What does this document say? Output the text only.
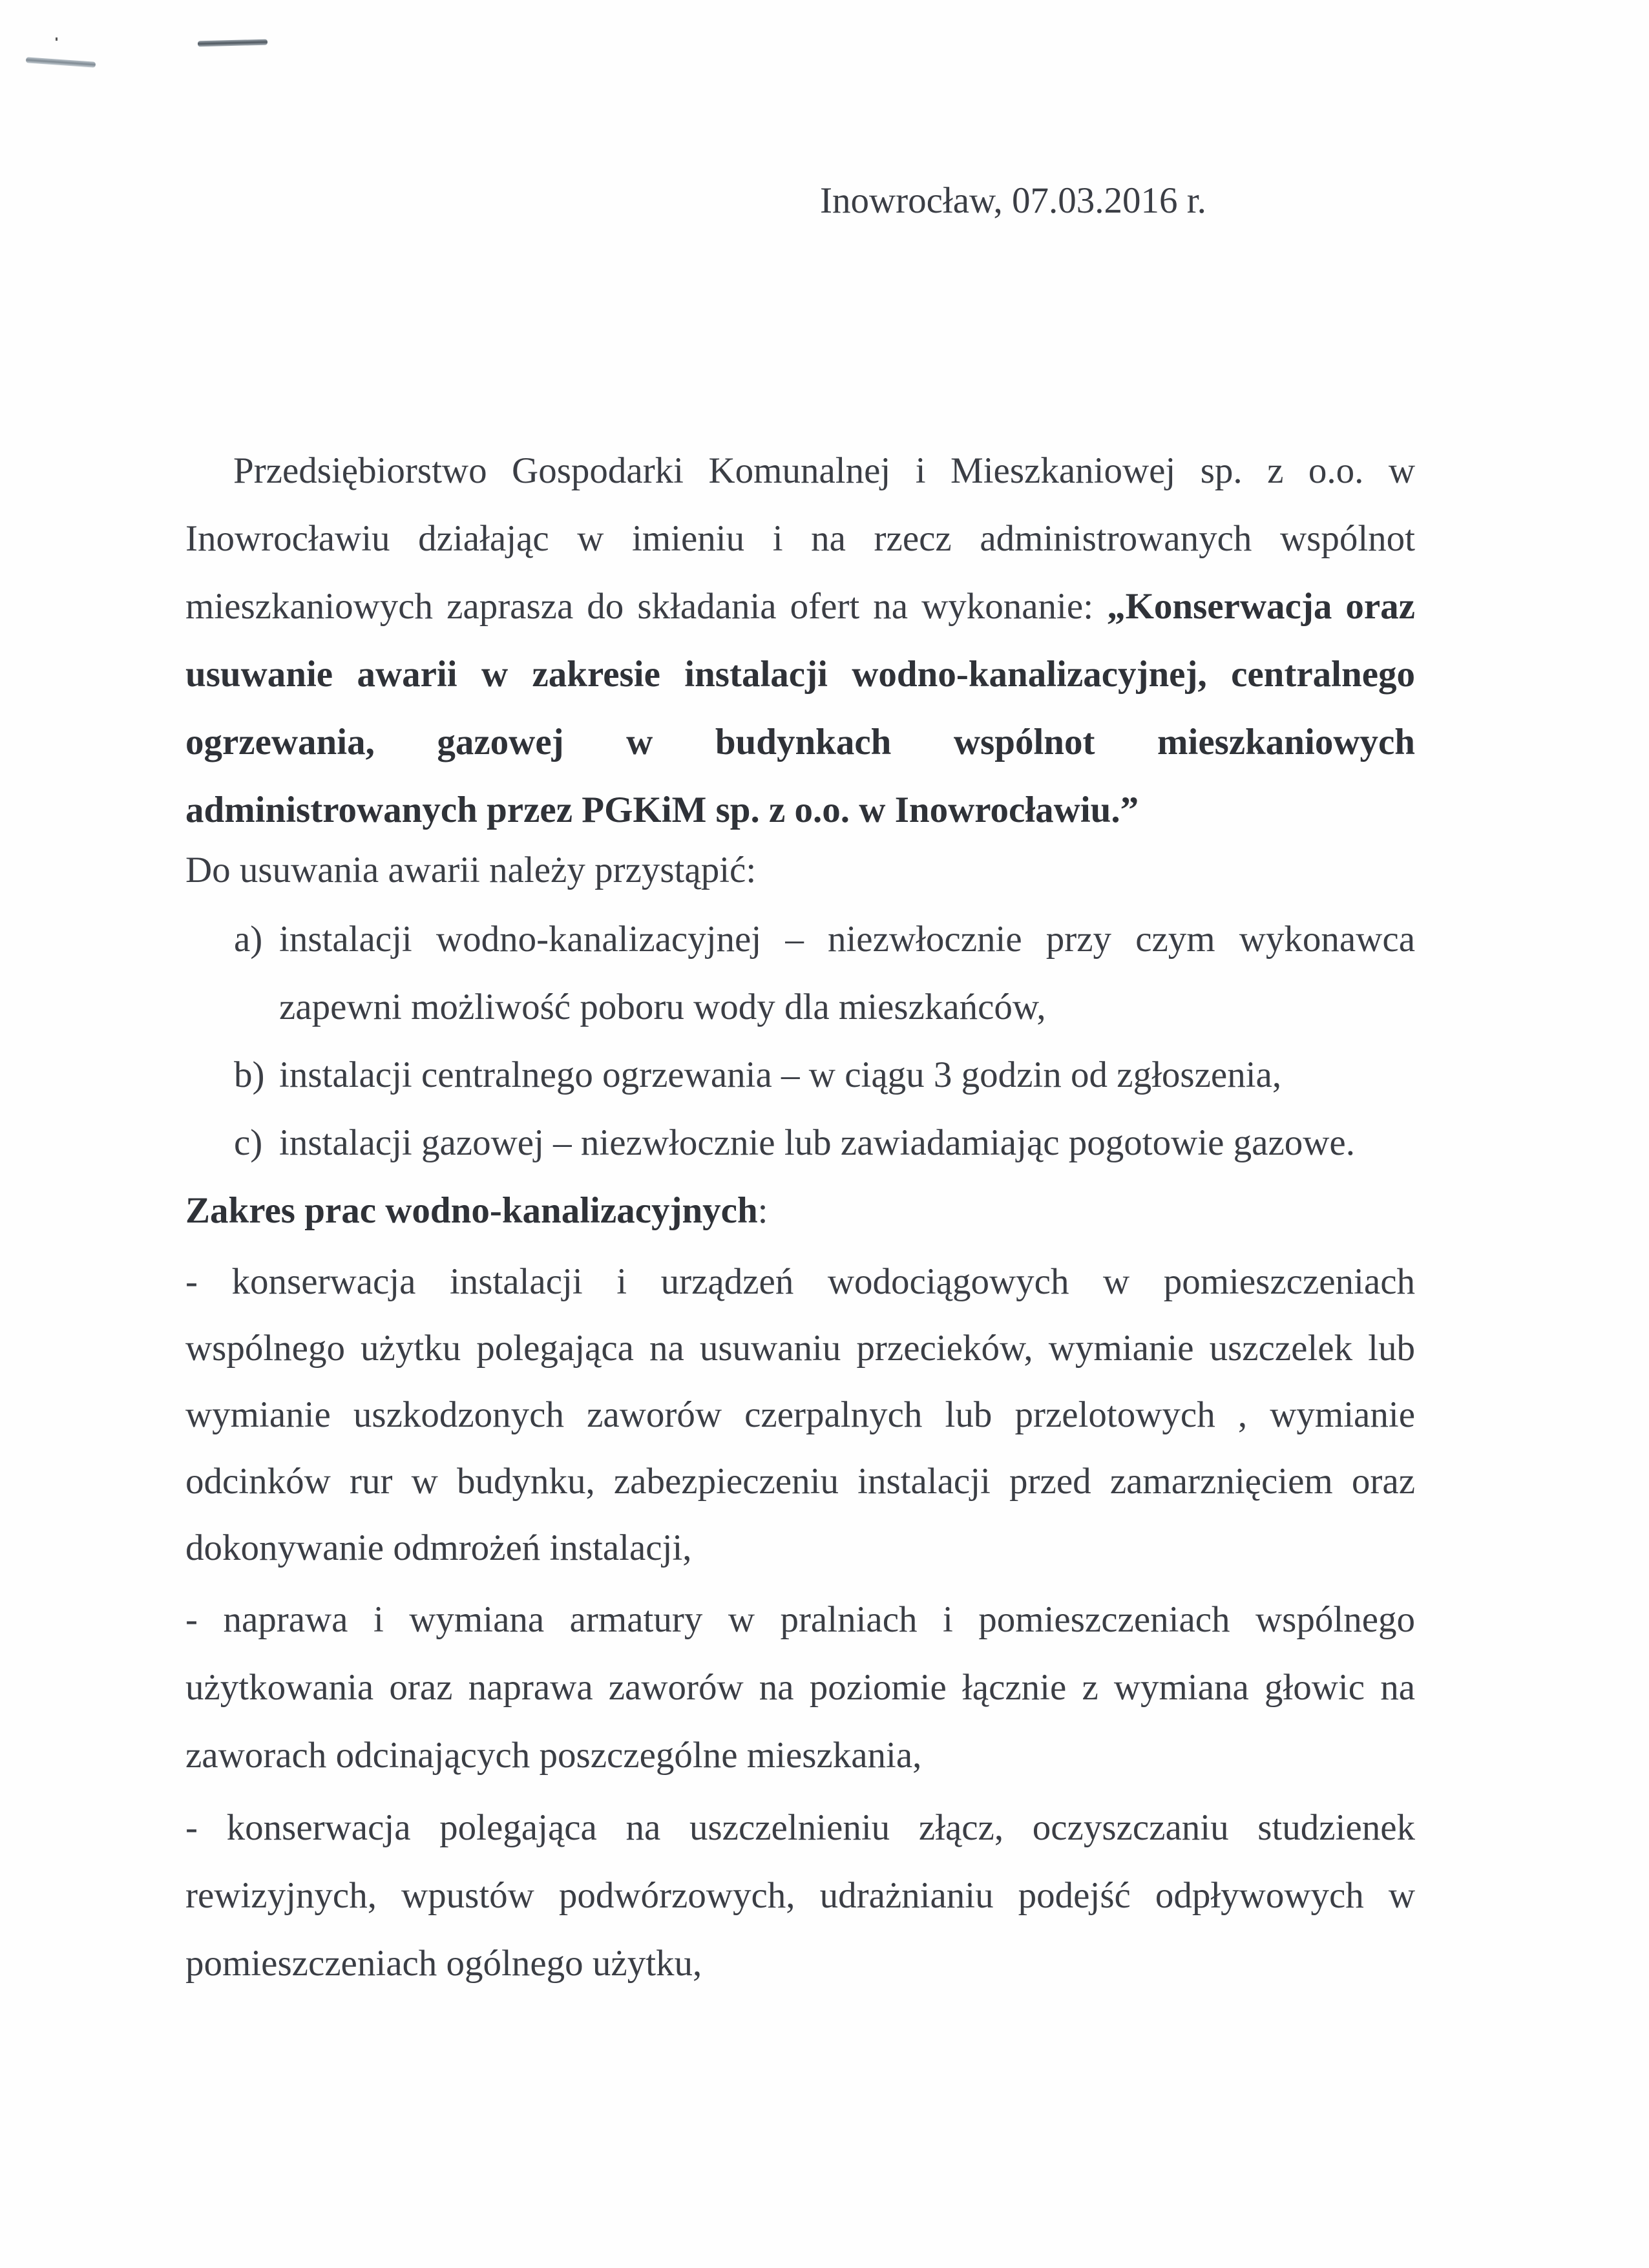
Inowrocław, 07.03.2016 r.
Przedsiębiorstwo Gospodarki Komunalnej i Mieszkaniowej sp. z o.o. w
Inowrocławiu działając w imieniu i na rzecz administrowanych wspólnot
mieszkaniowych zaprasza do składania ofert na wykonanie: „Konserwacja oraz
usuwanie awarii w zakresie instalacji wodno-kanalizacyjnej, centralnego
ogrzewania, gazowej w budynkach wspólnot mieszkaniowych
administrowanych przez PGKiM sp. z o.o. w Inowrocławiu.”
Do usuwania awarii należy przystąpić:
a) instalacji wodno-kanalizacyjnej – niezwłocznie przy czym wykonawca
zapewni możliwość poboru wody dla mieszkańców,
b) instalacji centralnego ogrzewania – w ciągu 3 godzin od zgłoszenia,
c) instalacji gazowej – niezwłocznie lub zawiadamiając pogotowie gazowe.
Zakres prac wodno-kanalizacyjnych:
- konserwacja instalacji i urządzeń wodociągowych w pomieszczeniach
wspólnego użytku polegająca na usuwaniu przecieków, wymianie uszczelek lub
wymianie uszkodzonych zaworów czerpalnych lub przelotowych , wymianie
odcinków rur w budynku, zabezpieczeniu instalacji przed zamarznięciem oraz
dokonywanie odmrożeń instalacji,
- naprawa i wymiana armatury w pralniach i pomieszczeniach wspólnego
użytkowania oraz naprawa zaworów na poziomie łącznie z wymiana głowic na
zaworach odcinających poszczególne mieszkania,
- konserwacja polegająca na uszczelnieniu złącz, oczyszczaniu studzienek
rewizyjnych, wpustów podwórzowych, udrażnianiu podejść odpływowych w
pomieszczeniach ogólnego użytku,
